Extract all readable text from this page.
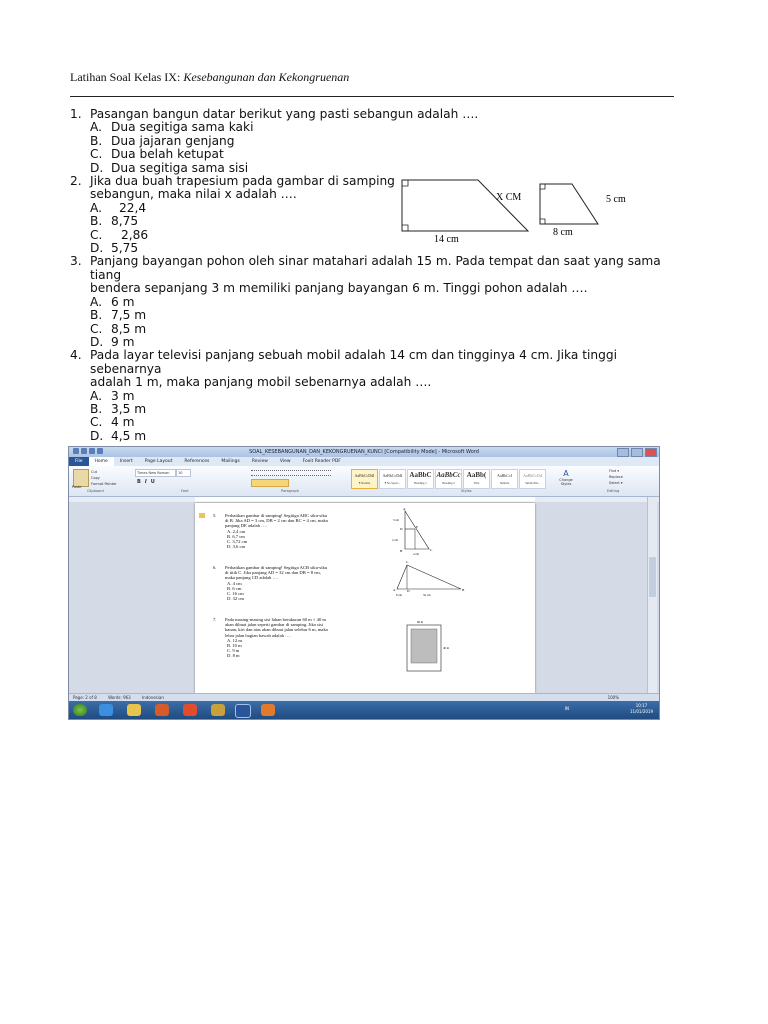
Latihan Soal Kelas IX: Kesebangunan dan Kekongruenan
1. Pasangan bangun datar berikut yang pasti sebangun adalah ….
A. Dua segitiga sama kaki
B. Dua jajaran genjang
C. Dua belah ketupat
D. Dua segitiga sama sisi
2. Jika dua buah trapesium pada gambar di samping
sebangun, maka nilai x adalah ….
A. 22,4
B. 8,75
C. 2,86
D. 5,75
3. Panjang bayangan pohon oleh sinar matahari adalah 15 m. Pada tempat dan saat yang sama tiang
bendera sepanjang 3 m memiliki panjang bayangan 6 m. Tinggi pohon adalah ….
A. 6 m
B. 7,5 m
C. 8,5 m
D. 9 m
4. Pada layar televisi panjang sebuah mobil adalah 14 cm dan tingginya 4 cm. Jika tinggi sebenarnya
adalah 1 m, maka panjang mobil sebenarnya adalah ….
A. 3 m
B. 3,5 m
C. 4 m
D. 4,5 m
X CM
14 cm
5 cm
8 cm
SOAL_KESEBANGUNAN_DAN_KEKONGRUENAN_KUNCI [Compatibility Mode] - Microsoft Word
File	Home	Insert	Page Layout	References	Mailings	Review	View	Foxit Reader PDF
Paste
Cut
Copy
Format Painter
Clipboard
Times New Roman	10
BIU
Font	Paragraph
AaBbCcDdI
¶ Normal
AaBbCcDdI
¶ No Spaci...
AaBbC
Heading 1
AaBbCc
Heading 2
AaBb(
Title
AaBbCcI
Subtitle
AaBbCcDd
Subtle Em...
A
Change Styles
Styles
Find ▾
Replace
Select ▾
Editing
5. Perhatikan gambar di samping! Segitiga ABC siku-siku
di B. Jika AD = 3 cm, DB = 2 cm dan BC = 4 cm, maka
panjang DE adalah ….
A. 2,4 cm
B. 6,7 cm
C. 3,72 cm
D. 3,6 cm
6. Perhatikan gambar di samping! Segitiga ACB siku-siku
di titik C. Jika panjang AD = 32 cm dan DB = 8 cm,
maka panjang CD adalah ….
A. 4 cm
B. 6 cm
C. 16 cm
D. 32 cm
7. Pada masing-masing sisi lahan berukuran 60 m × 40 m
akan dibuat jalan seperti gambar di samping. Jika sisi
kanan, kiri dan atas akan dibuat jalan selebar 6 m, maka
lebar jalan bagian bawah adalah ….
A. 12 m
B. 10 m
C. 9 m
D. 8 m
A
D	E
B	C
3 cm
2 cm
4 cm
C
A	D	B
8 cm	32 cm
60 m
40 m
Page: 2 of 8	Words: 963	Indonesian	100%
IN
10:17
11/01/2019
